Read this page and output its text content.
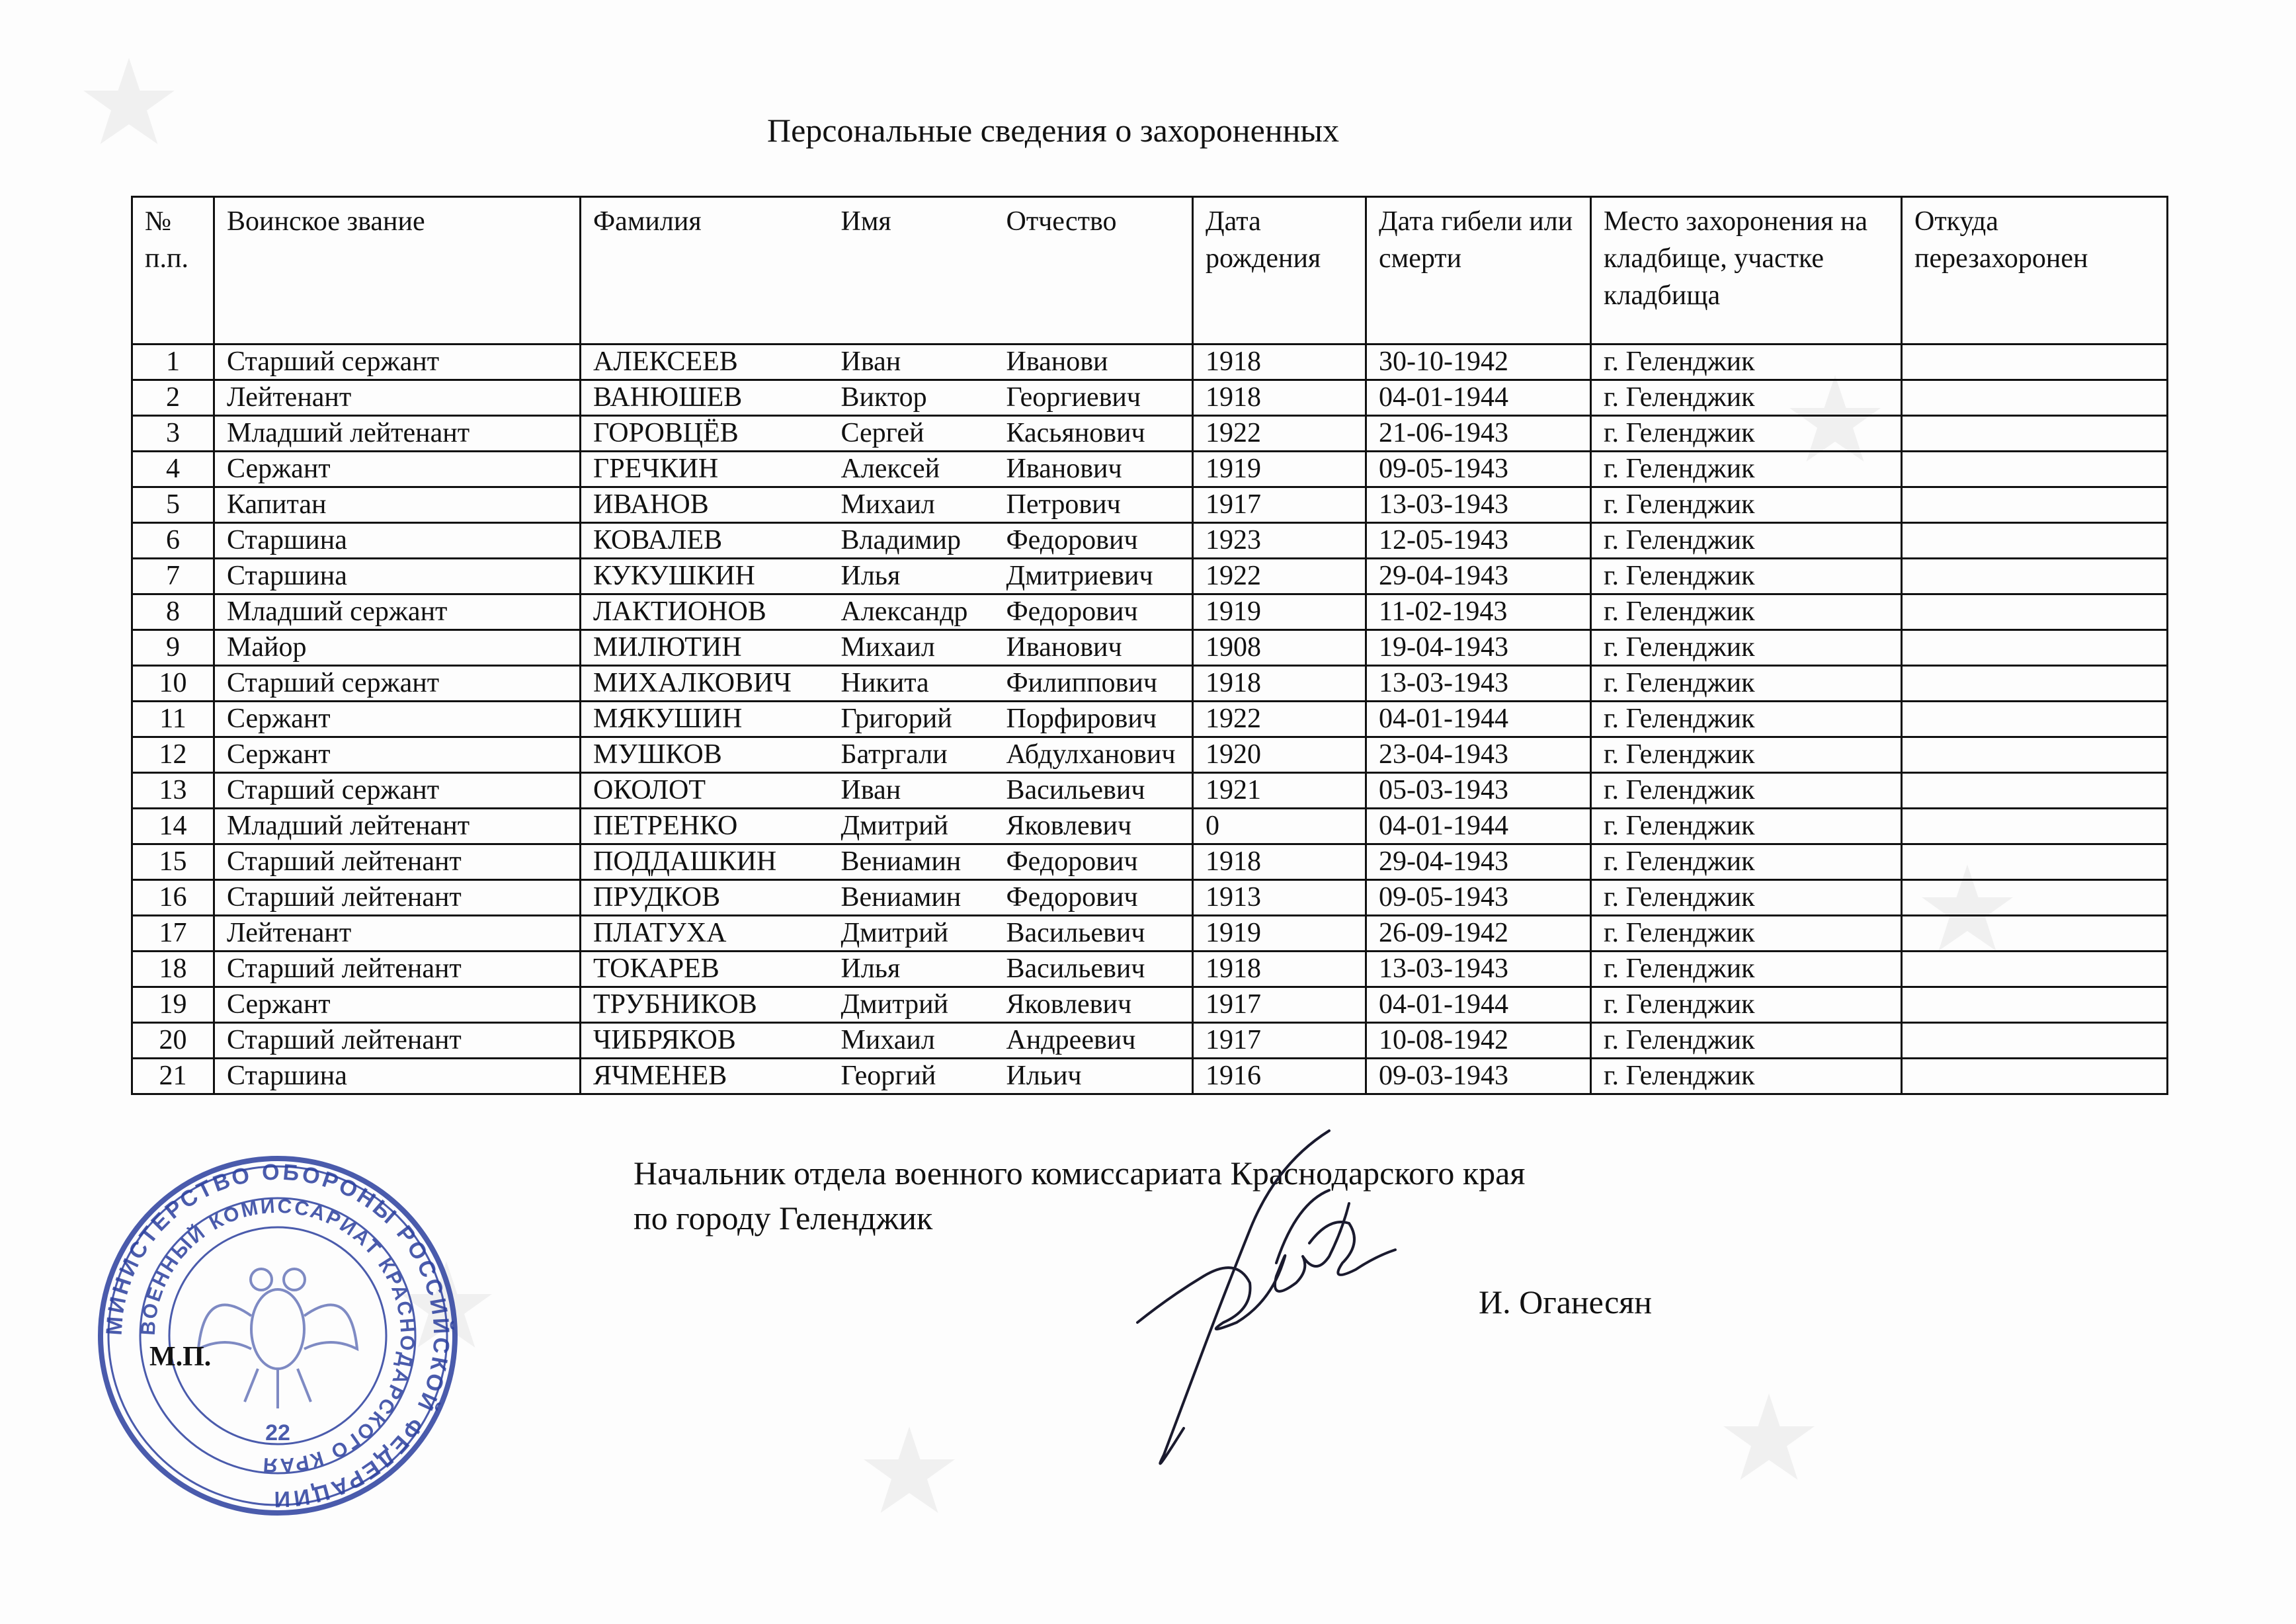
Персональные сведения о захороненных
№ п.п.	Воинское звание	Фамилия	Имя	Отчество	Дата рождения	Дата гибели или смерти	Место захоронения на кладбище, участке кладбища	Откуда перезахоронен
1	Старший сержант	АЛЕКСЕЕВ	Иван	Иванови	1918	30-10-1942	г. Геленджик	
2	Лейтенант	ВАНЮШЕВ	Виктор	Георгиевич	1918	04-01-1944	г. Геленджик	
3	Младший лейтенант	ГОРОВЦЁВ	Сергей	Касьянович	1922	21-06-1943	г. Геленджик	
4	Сержант	ГРЕЧКИН	Алексей	Иванович	1919	09-05-1943	г. Геленджик	
5	Капитан	ИВАНОВ	Михаил	Петрович	1917	13-03-1943	г. Геленджик	
6	Старшина	КОВАЛЕВ	Владимир	Федорович	1923	12-05-1943	г. Геленджик	
7	Старшина	КУКУШКИН	Илья	Дмитриевич	1922	29-04-1943	г. Геленджик	
8	Младший сержант	ЛАКТИОНОВ	Александр	Федорович	1919	11-02-1943	г. Геленджик	
9	Майор	МИЛЮТИН	Михаил	Иванович	1908	19-04-1943	г. Геленджик	
10	Старший сержант	МИХАЛКОВИЧ	Никита	Филиппович	1918	13-03-1943	г. Геленджик	
11	Сержант	МЯКУШИН	Григорий	Порфирович	1922	04-01-1944	г. Геленджик	
12	Сержант	МУШКОВ	Батргали	Абдулханович	1920	23-04-1943	г. Геленджик	
13	Старший сержант	ОКОЛОТ	Иван	Васильевич	1921	05-03-1943	г. Геленджик	
14	Младший лейтенант	ПЕТРЕНКО	Дмитрий	Яковлевич	0	04-01-1944	г. Геленджик	
15	Старший лейтенант	ПОДДАШКИН	Вениамин	Федорович	1918	29-04-1943	г. Геленджик	
16	Старший лейтенант	ПРУДКОВ	Вениамин	Федорович	1913	09-05-1943	г. Геленджик	
17	Лейтенант	ПЛАТУХА	Дмитрий	Васильевич	1919	26-09-1942	г. Геленджик	
18	Старший лейтенант	ТОКАРЕВ	Илья	Васильевич	1918	13-03-1943	г. Геленджик	
19	Сержант	ТРУБНИКОВ	Дмитрий	Яковлевич	1917	04-01-1944	г. Геленджик	
20	Старший лейтенант	ЧИБРЯКОВ	Михаил	Андреевич	1917	10-08-1942	г. Геленджик	
21	Старшина	ЯЧМЕНЕВ	Георгий	Ильич	1916	09-03-1943	г. Геленджик	
Начальник отдела военного комиссариата Краснодарского края
по городу Геленджик
И. Оганесян
МИНИСТЕРСТВО ОБОРОНЫ РОССИЙСКОЙ ФЕДЕРАЦИИ
ВОЕННЫЙ КОМИССАРИАТ КРАСНОДАРСКОГО КРАЯ
22
М.П.
